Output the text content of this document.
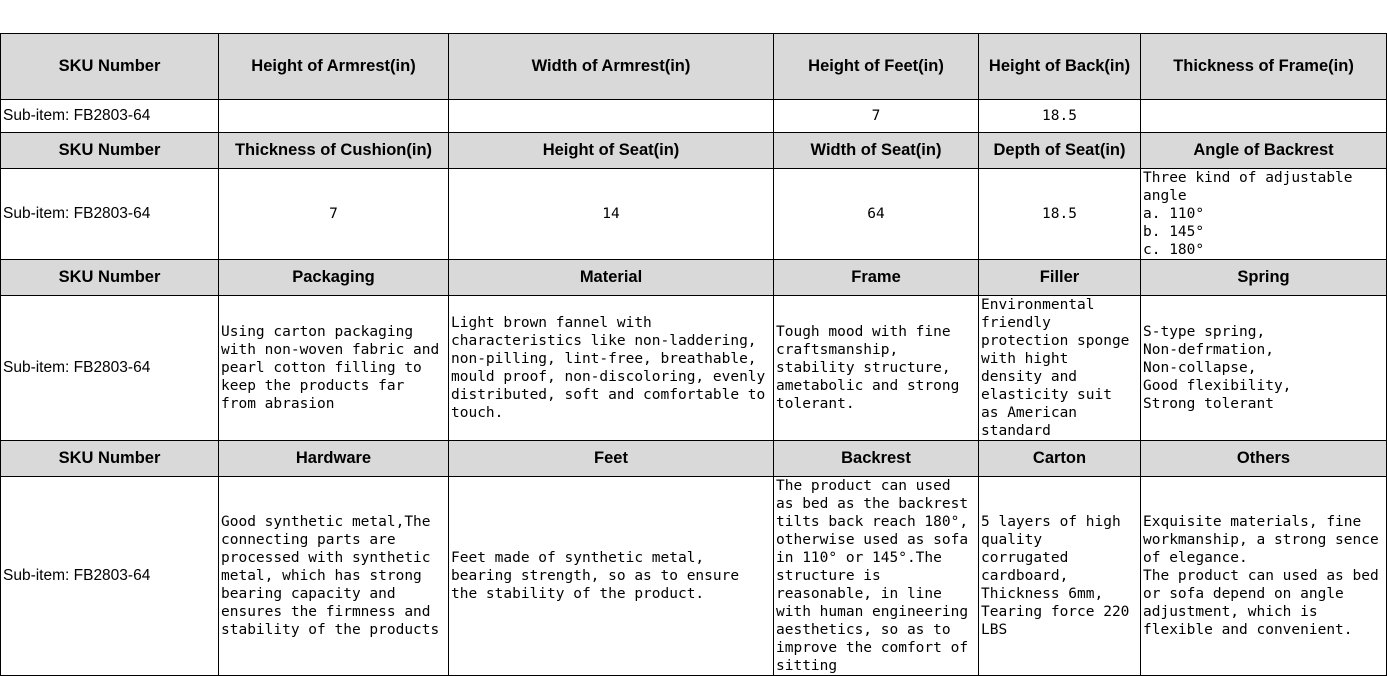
SKU Number	Height of Armrest(in)	Width of Armrest(in)	Height of Feet(in)	Height of Back(in)	Thickness of Frame(in)
Sub-item: FB2803-64			7	18.5	
SKU Number	Thickness of Cushion(in)	Height of Seat(in)	Width of Seat(in)	Depth of Seat(in)	Angle of Backrest
Sub-item: FB2803-64	7	14	64	18.5	Three kind of adjustable angle
a. 110°
b. 145°
c. 180°
SKU Number	Packaging	Material	Frame	Filler	Spring
Sub-item: FB2803-64	Using carton packaging with non-woven fabric and pearl cotton filling to keep the products far from abrasion	Light brown fannel with characteristics like non-laddering, non-pilling, lint-free, breathable, mould proof, non-discoloring, evenly distributed, soft and comfortable to touch.	Tough mood with fine craftsmanship, stability structure, ametabolic and strong tolerant.	Environmental friendly protection sponge with hight density and elasticity suit as American standard	S-type spring,
Non-defrmation,
Non-collapse,
Good flexibility,
Strong tolerant
SKU Number	Hardware	Feet	Backrest	Carton	Others
Sub-item: FB2803-64	Good synthetic metal,The connecting parts are processed with synthetic metal, which has strong bearing capacity and ensures the firmness and stability of the products	Feet made of synthetic metal, bearing strength, so as to ensure the stability of the product.	The product can used as bed as the backrest tilts back reach 180°, otherwise used as sofa in 110° or 145°.The structure is reasonable, in line with human engineering aesthetics, so as to improve the comfort of sitting	5 layers of high quality corrugated cardboard, Thickness 6mm, Tearing force 220 LBS	Exquisite materials, fine workmanship, a strong sence of elegance.
The product can used as bed or sofa depend on angle adjustment, which is flexible and convenient.
